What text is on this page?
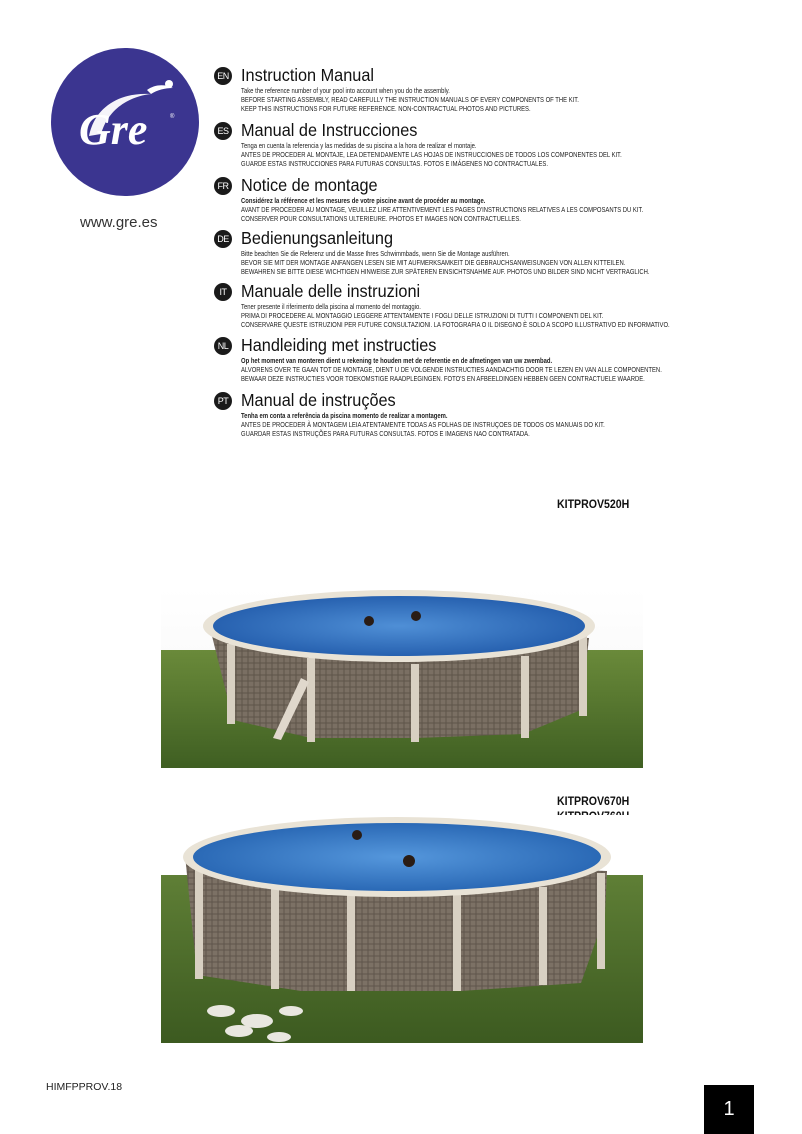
Gre	®
www.gre.es
EN Instruction Manual
Take the reference number of your pool into account when you do the assembly.
BEFORE STARTING ASSEMBLY, READ CAREFULLY THE INSTRUCTION MANUALS OF EVERY COMPONENTS OF THE KIT.
KEEP THIS INSTRUCTIONS FOR FUTURE REFERENCE. NON-CONTRACTUAL PHOTOS AND PICTURES.
ES Manual de Instrucciones
Tenga en cuenta la referencia y las medidas de su piscina a la hora de realizar el montaje.
ANTES DE PROCEDER AL MONTAJE, LEA DETENIDAMENTE LAS HOJAS DE INSTRUCCIONES DE TODOS LOS COMPONENTES DEL KIT.
GUARDE ESTAS INSTRUCCIONES PARA FUTURAS CONSULTAS. FOTOS E IMÁGENES NO CONTRACTUALES.
FR Notice de montage
Considérez la référence et les mesures de votre piscine avant de procéder au montage.
AVANT DE PROCEDER AU MONTAGE, VEUILLEZ LIRE ATTENTIVEMENT LES PAGES D'INSTRUCTIONS RELATIVES A LES COMPOSANTS DU KIT.
CONSERVER POUR CONSULTATIONS ULTERIEURE. PHOTOS ET IMAGES NON CONTRACTUELLES.
DE Bedienungsanleitung
Bitte beachten Sie die Referenz und die Masse Ihres Schwimmbads, wenn Sie die Montage ausführen.
BEVOR SIE MIT DER MONTAGE ANFANGEN LESEN SIE MIT AUFMERKSAMKEIT DIE GEBRAUCHSANWEISUNGEN VON ALLEN KITTEILEN.
BEWAHREN SIE BITTE DIESE WICHTIGEN HINWEISE ZUR SPÄTEREN EINSICHTSNAHME AUF. PHOTOS UND BILDER SIND NICHT VERTRAGLICH.
IT Manuale delle instruzioni
Tener presente il riferimento della piscina al momento del montaggio.
PRIMA DI PROCEDERE AL MONTAGGIO LEGGERE ATTENTAMENTE I FOGLI DELLE ISTRUZIONI DI TUTTI I COMPONENTI DEL KIT.
CONSERVARE QUESTE ISTRUZIONI PER FUTURE CONSULTAZIONI. LA FOTOGRAFIA O IL DISEGNO È SOLO A SCOPO ILLUSTRATIVO ED INFORMATIVO.
NL Handleiding met instructies
Op het moment van monteren dient u rekening te houden met de referentie en de afmetingen van uw zwembad.
ALVORENS OVER TE GAAN TOT DE MONTAGE, DIENT U DE VOLGENDE INSTRUCTIES AANDACHTIG DOOR TE LEZEN EN VAN ALLE COMPONENTEN.
BEWAAR DEZE INSTRUCTIES VOOR TOEKOMSTIGE RAADPLEGINGEN. FOTO'S EN AFBEELDINGEN HEBBEN GEEN CONTRACTUELE WAARDE.
PT Manual de instruções
Tenha em conta a referência da piscina momento de realizar a montagem.
ANTES DE PROCEDER À MONTAGEM LEIA ATENTAMENTE TODAS AS FOLHAS DE INSTRUÇOES DE TODOS OS MANUAIS DO KIT.
GUARDAR ESTAS INSTRUÇÕES PARA FUTURAS CONSULTAS. FOTOS E IMAGENS NAO CONTRATADA.
KITPROV520H
KITPROV670H
HIMFPPROV.18
1
